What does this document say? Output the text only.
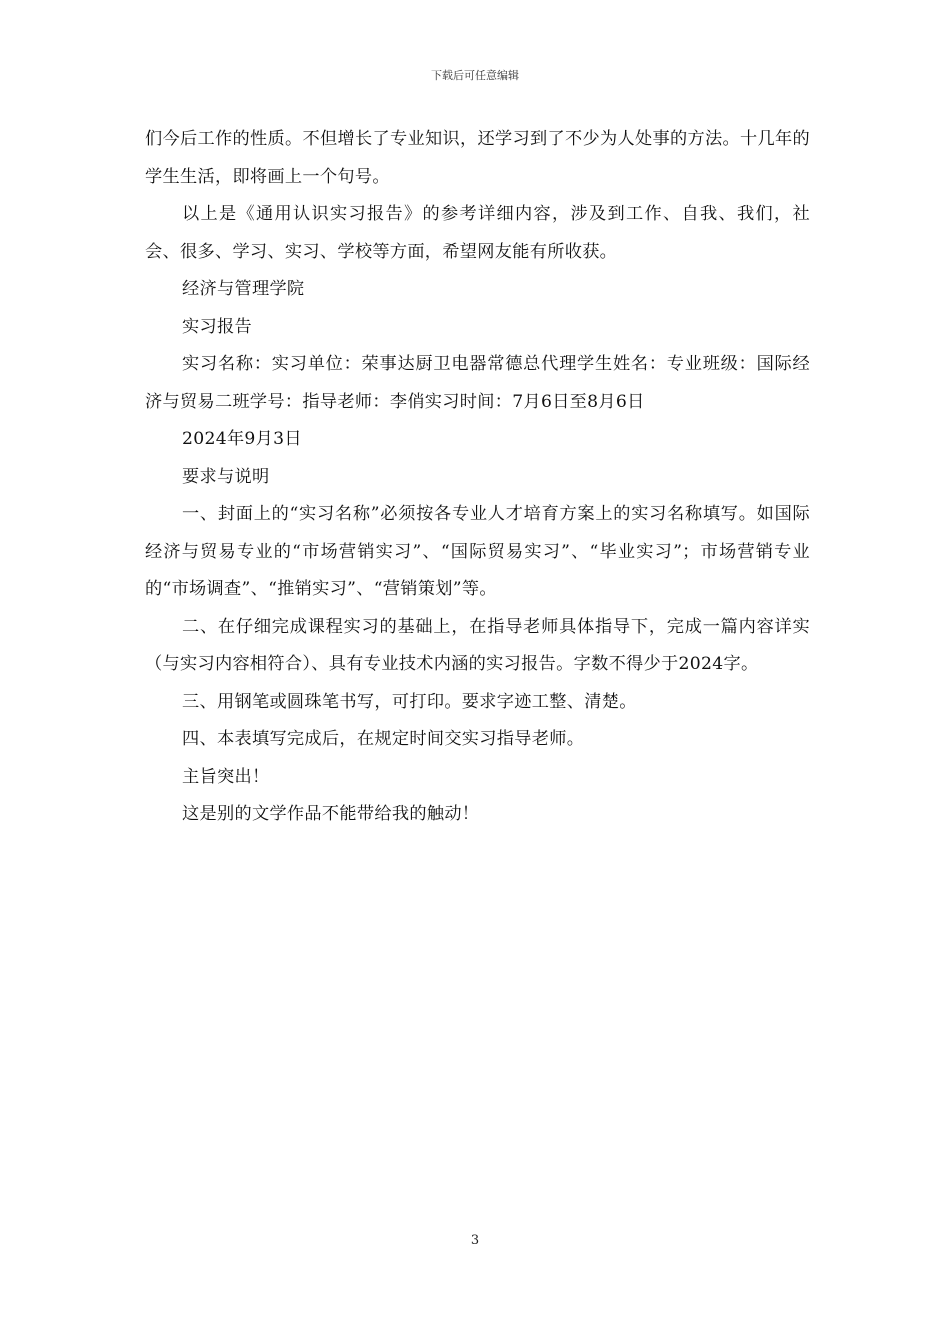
下载后可任意编辑

们今后工作的性质。不但增长了专业知识，还学习到了不少为人处事的方法。十几年的学生生活，即将画上一个句号。

以上是《通用认识实习报告》的参考详细内容，涉及到工作、自我、我们，社会、很多、学习、实习、学校等方面，希望网友能有所收获。

经济与管理学院

实习报告

实习名称：实习单位：荣事达厨卫电器常德总代理学生姓名：专业班级：国际经济与贸易二班学号：指导老师：李俏实习时间：7月6日至8月6日

2024年9月3日

要求与说明

一、封面上的“实习名称”必须按各专业人才培育方案上的实习名称填写。如国际经济与贸易专业的“市场营销实习”、“国际贸易实习”、“毕业实习”；市场营销专业的“市场调查”、“推销实习”、“营销策划”等。

二、在仔细完成课程实习的基础上，在指导老师具体指导下，完成一篇内容详实（与实习内容相符合）、具有专业技术内涵的实习报告。字数不得少于2024字。

三、用钢笔或圆珠笔书写，可打印。要求字迹工整、清楚。

四、本表填写完成后，在规定时间交实习指导老师。

主旨突出！

这是别的文学作品不能带给我的触动！

3
